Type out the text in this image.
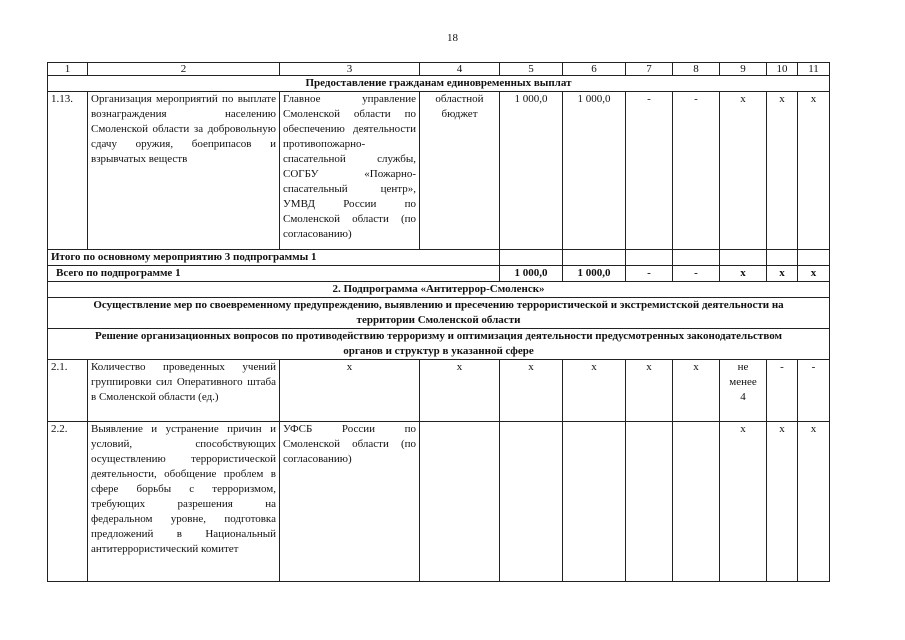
18
1	2	3	4	5	6	7	8	9	10	11
Предоставление гражданам единовременных выплат										
1.13.	Организация мероприятий по выплате вознаграждения населению Смоленской области за добровольную сдачу оружия, боеприпасов и взрывчатых веществ	Главное управление Смоленской области по обеспечению деятельности противопожарно-спасательной службы, СОГБУ «Пожарно-спасательный центр», УМВД России по Смоленской области (по согласованию)	областной бюджет	1 000,0	1 000,0	-	-	х	х	х
Итого по основному мероприятию 3 подпрограммы 1										
Всего по подпрограмме 1				1 000,0	1 000,0	-	-	х	х	х
2. Подпрограмма «Антитеррор-Смоленск»										
Осуществление мер по своевременному предупреждению, выявлению и пресечению террористической и экстремистской деятельности на территории Смоленской области										
Решение организационных вопросов по противодействию терроризму и оптимизация деятельности предусмотренных законодательством органов и структур в указанной сфере										
2.1.	Количество проведенных учений группировки сил Оперативного штаба в Смоленской области (ед.)	х	х	х	х	х	х	не менее 4	-	-
2.2.	Выявление и устранение причин и условий, способствующих осуществлению террористической деятельности, обобщение проблем в сфере борьбы с терроризмом, требующих разрешения на федеральном уровне, подготовка предложений в Национальный антитеррористический комитет	УФСБ России по Смоленской области (по согласованию)						х	х	х
